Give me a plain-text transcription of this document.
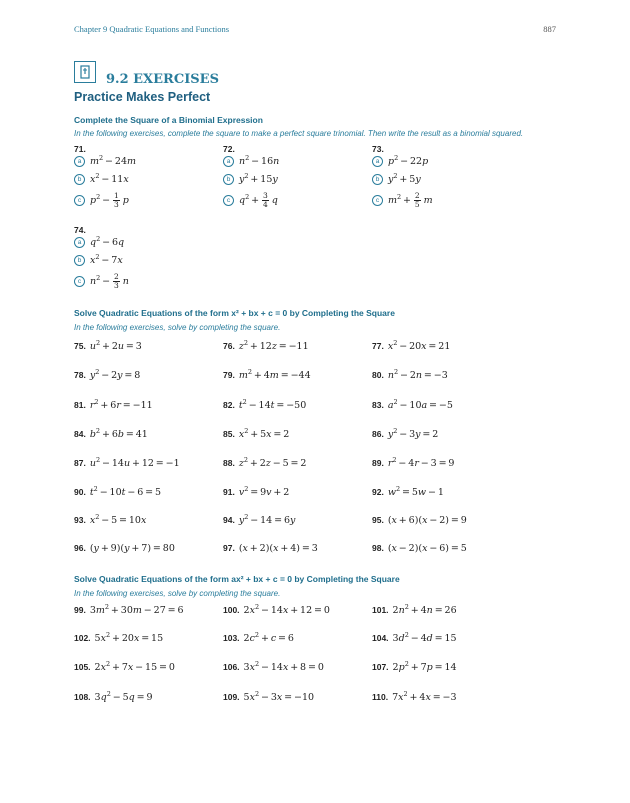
Chapter 9 Quadratic Equations and Functions	887
9.2 EXERCISES
Practice Makes Perfect
Complete the Square of a Binomial Expression
In the following exercises, complete the square to make a perfect square trinomial. Then write the result as a binomial squared.
71.
a $m^2 - 24m$
b $x^2 - 11x$
c $p^2 - \frac{1}{3}$
  p
72.
a $n^2 - 16n$
b $y^2 + 15y$
c $q^2 + \frac{3}{4}$
  q
73.
a $p^2 - 22p$
b $y^2 + 5y$
c $m^2 + \frac{2}{5}$
  m
74.
a $q^2 - 6q$
b $x^2 - 7x$
c $n^2 - \frac{2}{3}$
  n
Solve Quadratic Equations of the form x² + bx + c = 0 by Completing the Square
In the following exercises, solve by completing the square.
Solve Quadratic Equations of the form ax² + bx + c = 0 by Completing the Square
In the following exercises, solve by completing the square.
75. $u^2 + 2u = 3$	76. $z^2 + 12z = -11$	77. $x^2 - 20x = 21$
78. $y^2 - 2y = 8$	79. $m^2 + 4m = -44$	80. $n^2 - 2n = -3$
81. $r^2 + 6r = -11$	82. $t^2 - 14t = -50$	83. $a^2 - 10a = -5$
84. $b^2 + 6b = 41$	85. $x^2 + 5x = 2$	86. $y^2 - 3y = 2$
87. $u^2 - 14u + 12 = -1$	88. $z^2 + 2z - 5 = 2$	89. $r^2 - 4r - 3 = 9$
90. $t^2 - 10t - 6 = 5$	91. $v^2 = 9v + 2$	92. $w^2 = 5w - 1$
93. $x^2 - 5 = 10x$	94. $y^2 - 14 = 6y$	95. (x + 6)(x − 2) = 9
96. (y + 9)(y + 7) = 80	97. (x + 2)(x + 4) = 3	98. (x − 2)(x − 6) = 5
99. $3m^2 + 30m - 27 = 6$	100. $2x^2 - 14x + 12 = 0$	101. $2n^2 + 4n = 26$
102. $5x^2 + 20x = 15$	103. $2c^2 + c = 6$	104. $3d^2 - 4d = 15$
105. $2x^2 + 7x - 15 = 0$	106. $3x^2 - 14x + 8 = 0$	107. $2p^2 + 7p = 14$
108. $3q^2 - 5q = 9$	109. $5x^2 - 3x = -10$	110. $7x^2 + 4x = -3$
